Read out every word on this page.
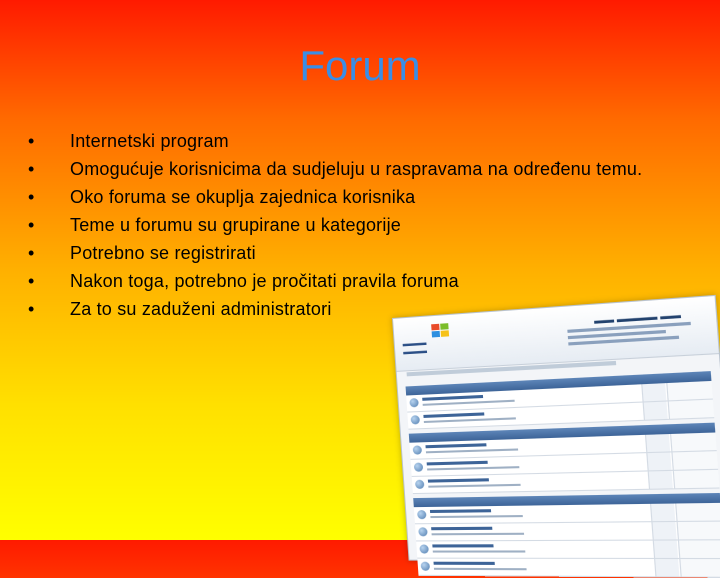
Forum
•	Internetski program
•	Omogućuje korisnicima da sudjeluju u raspravama na određenu temu.
•	Oko foruma se okuplja zajednica korisnika
•	Teme u forumu su grupirane u kategorije
•	Potrebno se registrirati
•	Nakon toga, potrebno je pročitati pravila foruma
•	Za to su zaduženi administratori
▬▬▬
▬▬▬
▬▬ ▬▬▬▬ ▬▬
